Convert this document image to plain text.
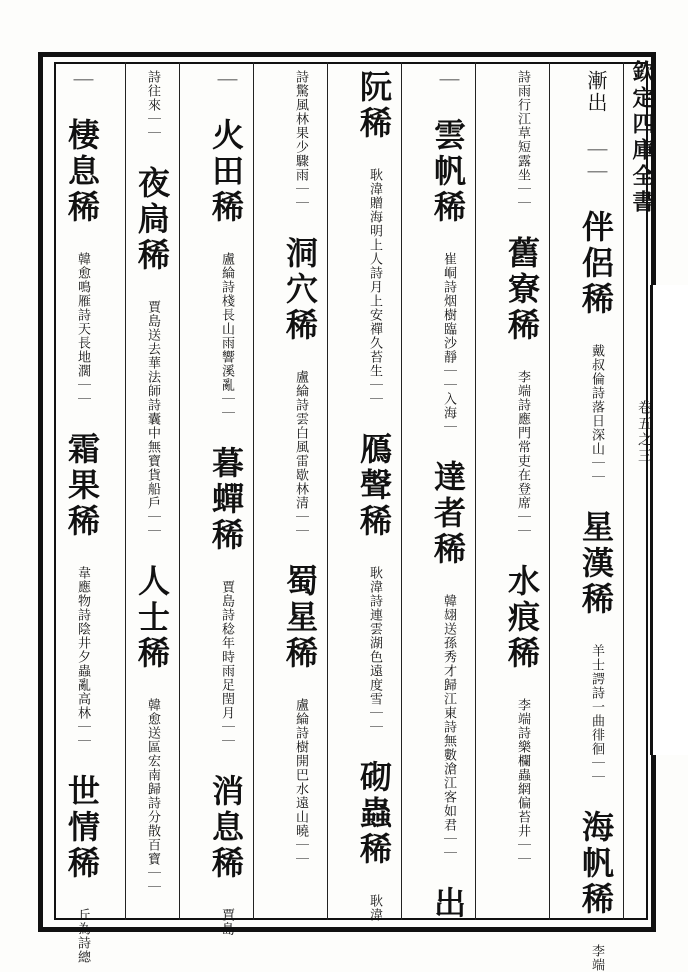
欽定四庫全書
卷五之三
漸出 ｜｜ 伴侶稀 戴叔倫詩落日深山｜｜ 星漢稀 羊士諤詩一曲徘徊｜｜ 海帆稀 李端
詩雨行江草短露坐｜｜ 舊寮稀 李端詩應門常吏在登席｜｜ 水痕稀 李端詩樂欄蟲網偏苔井｜｜
｜ 雲帆稀 崔峒詩烟樹臨沙靜｜｜入海｜ 達者稀 韓翃送孫秀才歸江東詩無數滄江客如君｜｜ 出
阮稀 耿湋贈海明上人詩月上安禪久苔生｜｜ 鴈聲稀 耿湋詩連雲湖色遠度雪｜｜ 砌蟲稀 耿湋
詩驚風林果少驟雨｜｜ 洞穴稀 盧綸詩雲白風雷歇林清｜｜ 蜀星稀 盧綸詩樹開巴水遠山曉｜｜
｜ 火田稀 盧綸詩棧長山雨響溪亂｜｜ 暮蟬稀 賈島詩稔年時雨足閏月｜｜ 消息稀 賈島
詩往來｜｜ 夜扃稀 賈島送去華法師詩囊中無寶貨船戶｜｜ 人士稀 韓愈送區宏南歸詩分散百寶｜｜
｜ 棲息稀 韓愈鳴雁詩天長地濶｜｜ 霜果稀 韋應物詩陰井夕蟲亂高林｜｜ 世情稀 丘為詩總
